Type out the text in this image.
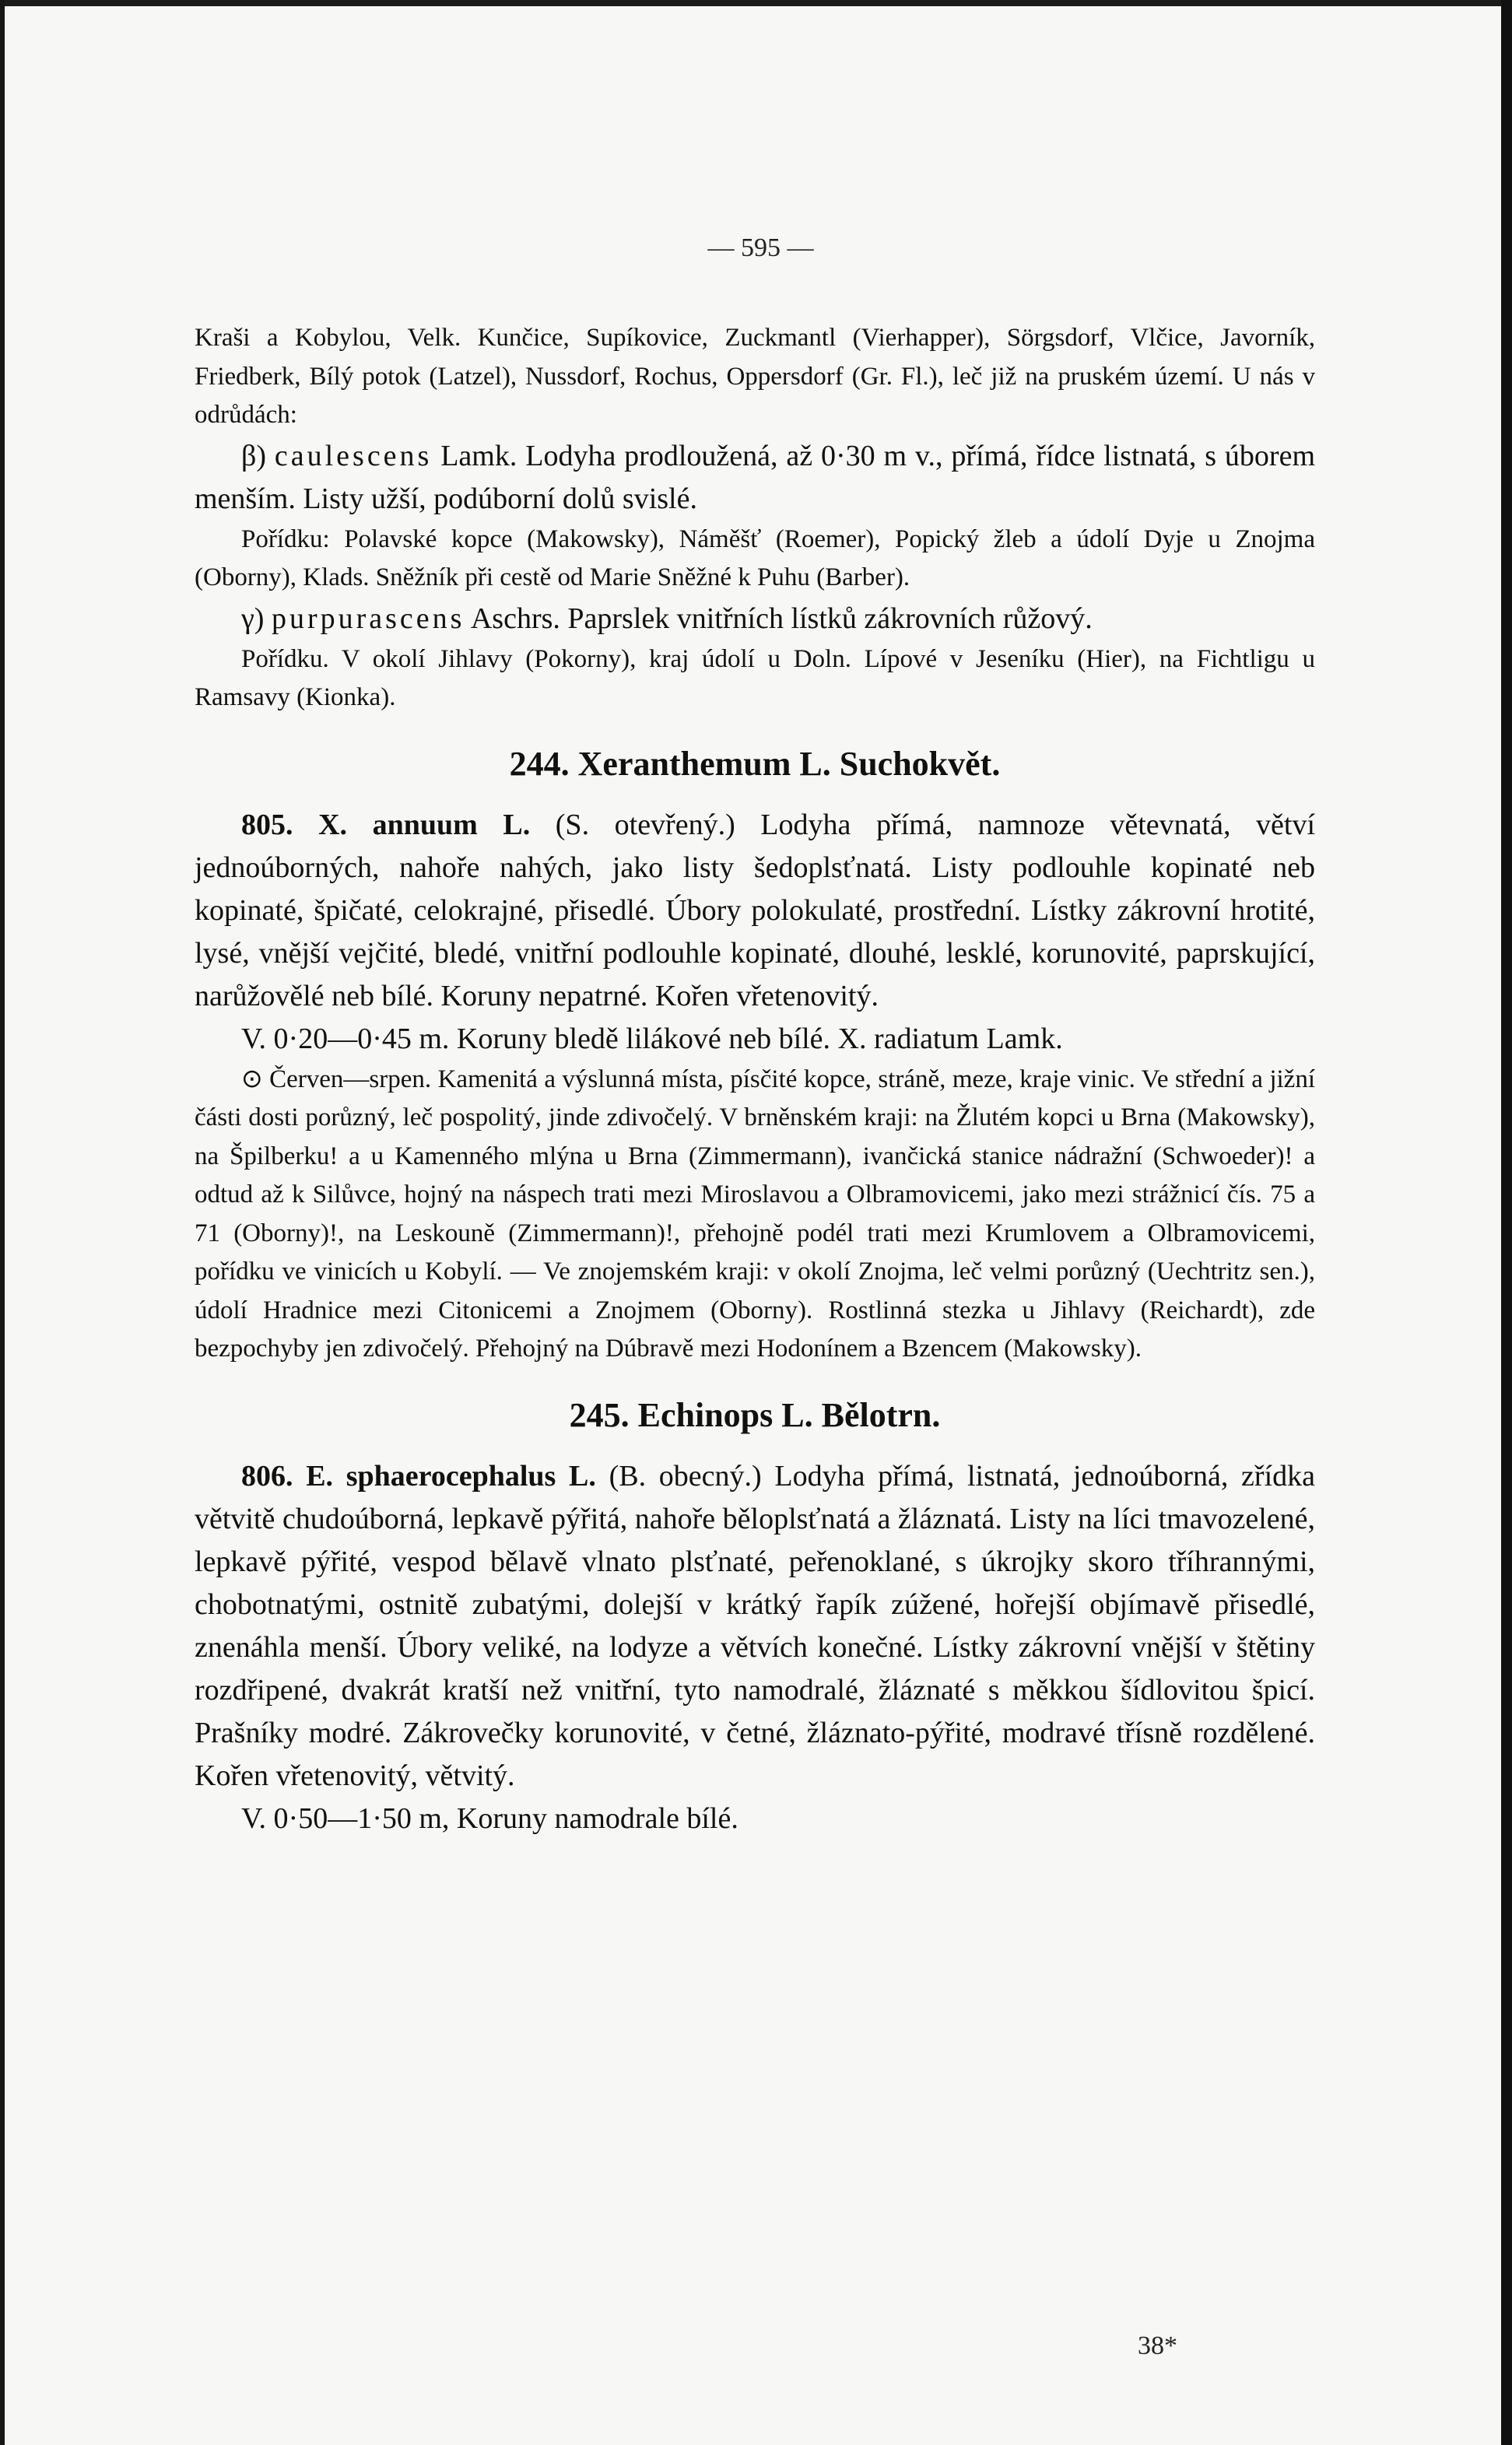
— 595 —

Kraši a Kobylou, Velk. Kunčice, Supíkovice, Zuckmantl (Vierhapper), Sörgsdorf, Vlčice, Javorník, Friedberk, Bílý potok (Latzel), Nussdorf, Rochus, Oppersdorf (Gr. Fl.), leč již na pruském území. U nás v odrůdách:

β) caulescens Lamk. Lodyha prodloužená, až 0·30 m v., přímá, řídce listnatá, s úborem menším. Listy užší, podúborní dolů svislé.

Pořídku: Polavské kopce (Makowsky), Náměšť (Roemer), Popický žleb a údolí Dyje u Znojma (Oborny), Klads. Sněžník při cestě od Marie Sněžné k Puhu (Barber).

γ) purpurascens Aschrs. Paprslek vnitřních lístků zákrovních růžový.

Pořídku. V okolí Jihlavy (Pokorny), kraj údolí u Doln. Lípové v Jeseníku (Hier), na Fichtligu u Ramsavy (Kionka).

244. Xeranthemum L. Suchokvět.

805. X. annuum L. (S. otevřený.) Lodyha přímá, namnoze větevnatá, větví jednoúborných, nahoře nahých, jako listy šedoplsťnatá. Listy podlouhle kopinaté neb kopinaté, špičaté, celokrajné, přisedlé. Úbory polokulaté, prostřední. Lístky zákrovní hrotité, lysé, vnější vejčité, bledé, vnitřní podlouhle kopinaté, dlouhé, lesklé, korunovité, paprskující, narůžovělé neb bílé. Koruny nepatrné. Kořen vřetenovitý.

V. 0·20—0·45 m. Koruny bledě lilákové neb bílé. X. radiatum Lamk.

⊙ Červen—srpen. Kamenitá a výslunná místa, písčité kopce, stráně, meze, kraje vinic. Ve střední a jižní části dosti porůzný, leč pospolitý, jinde zdivočelý. V brněnském kraji: na Žlutém kopci u Brna (Makowsky), na Špilberku! a u Kamenného mlýna u Brna (Zimmermann), ivančická stanice nádražní (Schwoeder)! a odtud až k Silůvce, hojný na náspech trati mezi Miroslavou a Olbramovicemi, jako mezi strážnicí čís. 75 a 71 (Oborny)!, na Leskouně (Zimmermann)!, přehojně podél trati mezi Krumlovem a Olbramovicemi, pořídku ve vinicích u Kobylí. — Ve znojemském kraji: v okolí Znojma, leč velmi porůzný (Uechtritz sen.), údolí Hradnice mezi Citonicemi a Znojmem (Oborny). Rostlinná stezka u Jihlavy (Reichardt), zde bezpochyby jen zdivočelý. Přehojný na Dúbravě mezi Hodonínem a Bzencem (Makowsky).

245. Echinops L. Bělotrn.

806. E. sphaerocephalus L. (B. obecný.) Lodyha přímá, listnatá, jednoúborná, zřídka větvitě chudoúborná, lepkavě pýřitá, nahoře běloplsťnatá a žláznatá. Listy na líci tmavozelené, lepkavě pýřité, vespod bělavě vlnato plsťnaté, peřenoklané, s úkrojky skoro tříhrannými, chobotnatými, ostnitě zubatými, dolejší v krátký řapík zúžené, hořejší objímavě přisedlé, znenáhla menší. Úbory veliké, na lodyze a větvích konečné. Lístky zákrovní vnější v štětiny rozdřipené, dvakrát kratší než vnitřní, tyto namodralé, žláznaté s měkkou šídlovitou špicí. Prašníky modré. Zákrovečky korunovité, v četné, žláznato-pýřité, modravé třísně rozdělené. Kořen vřetenovitý, větvitý.

V. 0·50—1·50 m, Koruny namodrale bílé.

38*
